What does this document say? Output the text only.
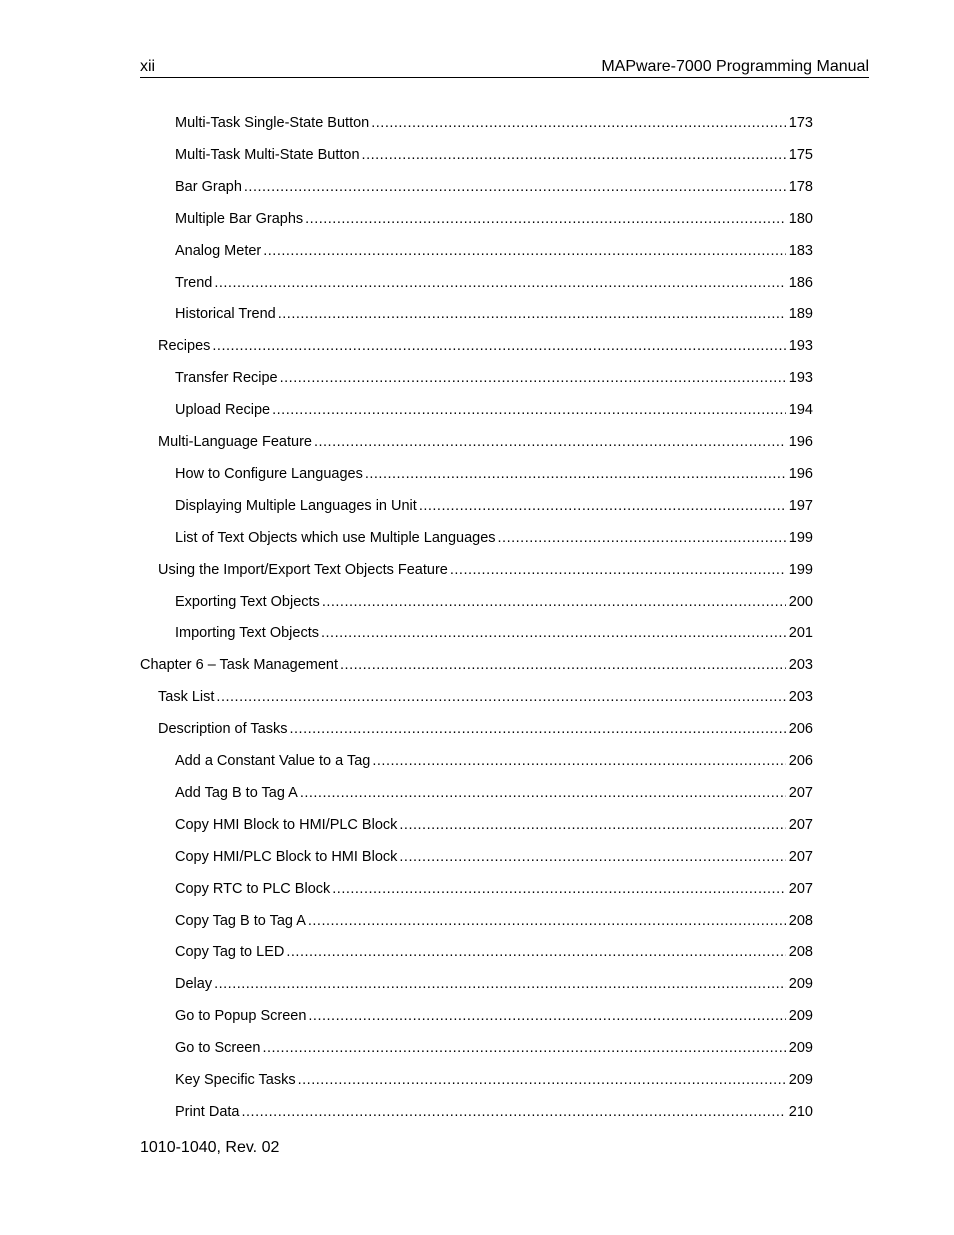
xii	MAPware-7000 Programming Manual
Multi-Task Single-State Button .....	173
Multi-Task Multi-State Button .....	175
Bar Graph .....	178
Multiple Bar Graphs .....	180
Analog Meter .....	183
Trend .....	186
Historical Trend .....	189
Recipes .....	193
Transfer Recipe .....	193
Upload Recipe .....	194
Multi-Language Feature .....	196
How to Configure Languages .....	196
Displaying Multiple Languages in Unit .....	197
List of Text Objects which use Multiple Languages .....	199
Using the Import/Export Text Objects Feature .....	199
Exporting Text Objects .....	200
Importing Text Objects .....	201
Chapter 6 – Task Management .....	203
Task List .....	203
Description of Tasks .....	206
Add a Constant Value to a Tag .....	206
Add Tag B to Tag A .....	207
Copy HMI Block to HMI/PLC Block .....	207
Copy HMI/PLC Block to HMI Block .....	207
Copy RTC to PLC Block .....	207
Copy Tag B to Tag A .....	208
Copy Tag to LED .....	208
Delay .....	209
Go to Popup Screen .....	209
Go to Screen .....	209
Key Specific Tasks .....	209
Print Data .....	210
1010-1040, Rev. 02
